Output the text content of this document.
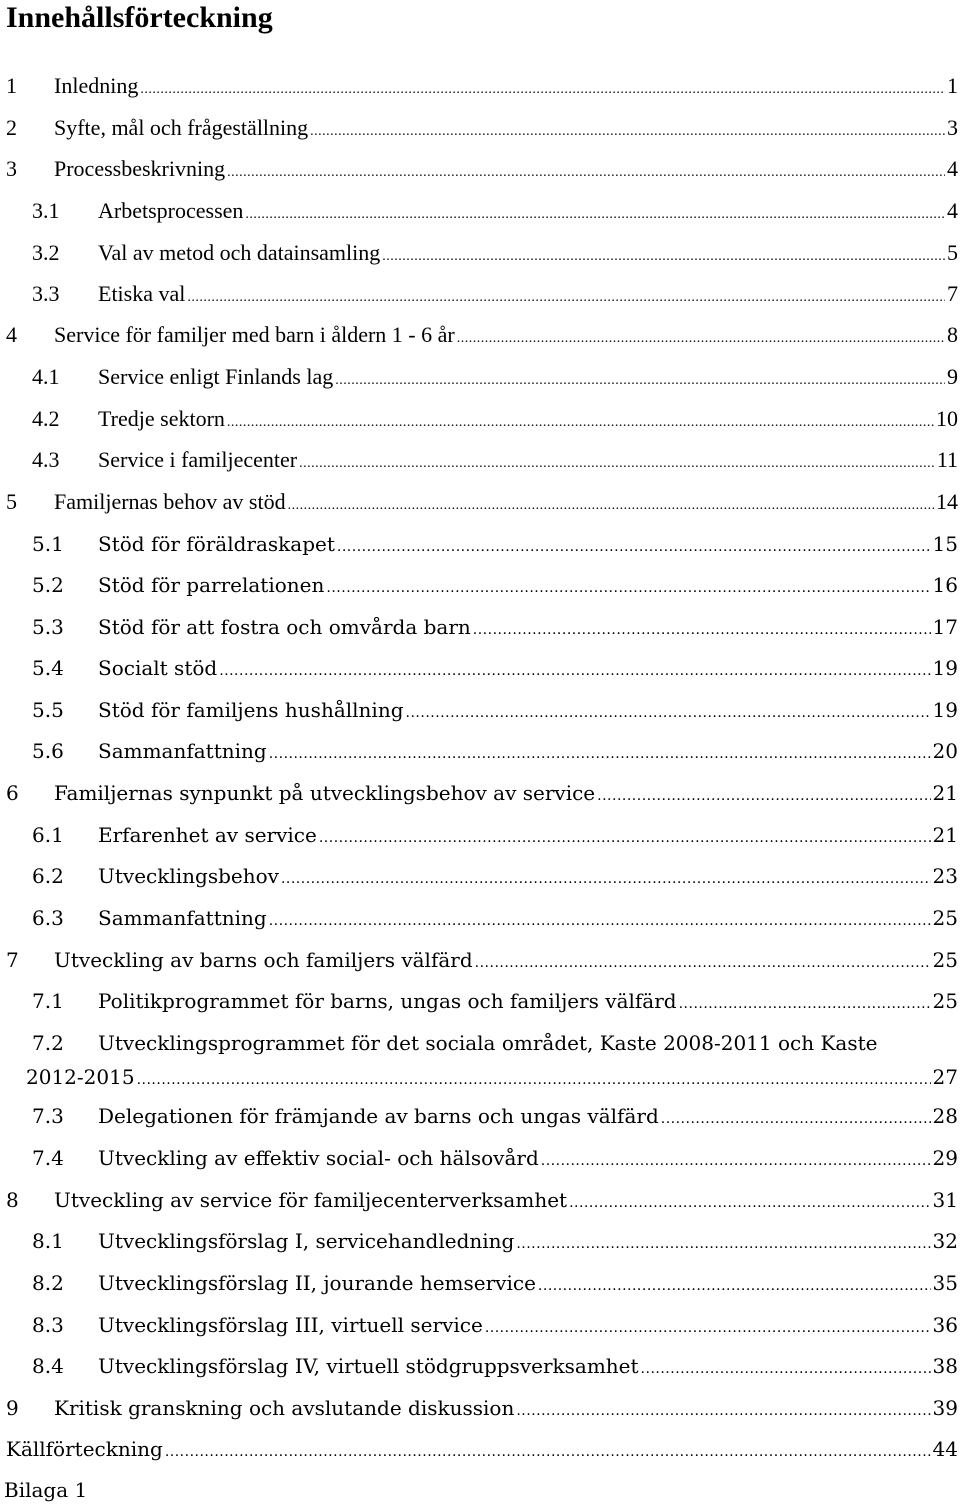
Innehållsförteckning
1 Inledning .....	1
2 Syfte, mål och frågeställning .....	3
3 Processbeskrivning .....	4
3.1 Arbetsprocessen .....	4
3.2 Val av metod och datainsamling .....	5
3.3 Etiska val .....	7
4 Service för familjer med barn i åldern 1 - 6 år .....	8
4.1 Service enligt Finlands lag .....	9
4.2 Tredje sektorn .....	10
4.3 Service i familjecenter .....	11
5 Familjernas behov av stöd .....	14
5.1 Stöd för föräldraskapet .....	15
5.2 Stöd för parrelationen .....	16
5.3 Stöd för att fostra och omvårda barn .....	17
5.4 Socialt stöd .....	19
5.5 Stöd för familjens hushållning .....	19
5.6 Sammanfattning .....	20
6 Familjernas synpunkt på utvecklingsbehov av service .....	21
6.1 Erfarenhet av service .....	21
6.2 Utvecklingsbehov .....	23
6.3 Sammanfattning .....	25
7 Utveckling av barns och familjers välfärd .....	25
7.1 Politikprogrammet för barns, ungas och familjers välfärd .....	25
7.2 Utvecklingsprogrammet för det sociala området, Kaste 2008-2011 och Kaste
2012-2015 .....	27
7.3 Delegationen för främjande av barns och ungas välfärd .....	28
7.4 Utveckling av effektiv social- och hälsovård .....	29
8 Utveckling av service för familjecenterverksamhet .....	31
8.1 Utvecklingsförslag I, servicehandledning .....	32
8.2 Utvecklingsförslag II, jourande hemservice .....	35
8.3 Utvecklingsförslag III, virtuell service .....	36
8.4 Utvecklingsförslag IV, virtuell stödgruppsverksamhet .....	38
9 Kritisk granskning och avslutande diskussion .....	39
Källförteckning .....	44
Bilaga 1
